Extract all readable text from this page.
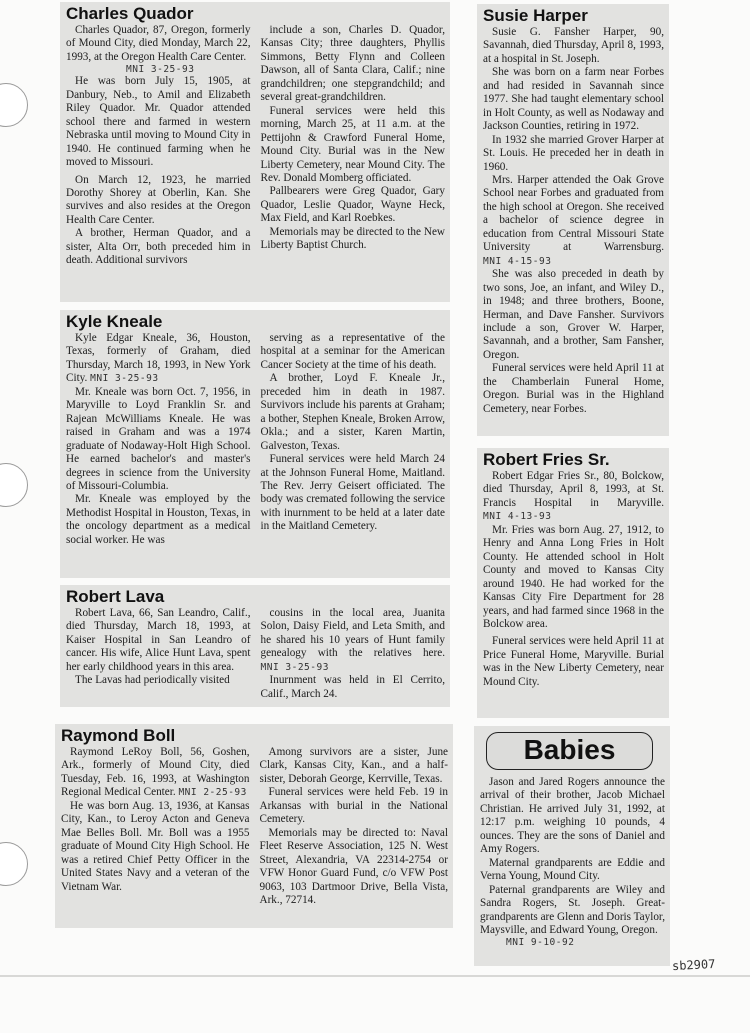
Charles Quador

Charles Quador, 87, Oregon, formerly of Mound City, died Monday, March 22, 1993, at the Oregon Health Care Center.

MNI 3-25-93

He was born July 15, 1905, at Danbury, Neb., to Amil and Elizabeth Riley Quador. Mr. Quador attended school there and farmed in western Nebraska until moving to Mound City in 1940. He continued farming when he moved to Missouri.

On March 12, 1923, he married Dorothy Shorey at Oberlin, Kan. She survives and also resides at the Oregon Health Care Center.

A brother, Herman Quador, and a sister, Alta Orr, both preceded him in death. Additional survivors

include a son, Charles D. Quador, Kansas City; three daughters, Phyllis Simmons, Betty Flynn and Colleen Dawson, all of Santa Clara, Calif.; nine grandchildren; one stepgrandchild; and several great-grandchildren.

Funeral services were held this morning, March 25, at 11 a.m. at the Pettijohn & Crawford Funeral Home, Mound City. Burial was in the New Liberty Cemetery, near Mound City. The Rev. Donald Momberg officiated.

Pallbearers were Greg Quador, Gary Quador, Leslie Quador, Wayne Heck, Max Field, and Karl Roebkes.

Memorials may be directed to the New Liberty Baptist Church.

Kyle Kneale

Kyle Edgar Kneale, 36, Houston, Texas, formerly of Graham, died Thursday, March 18, 1993, in New York City. MNI 3-25-93

Mr. Kneale was born Oct. 7, 1956, in Maryville to Loyd Franklin Sr. and Rajean McWilliams Kneale. He was raised in Graham and was a 1974 graduate of Nodaway-Holt High School. He earned bachelor's and master's degrees in science from the University of Missouri-Columbia.

Mr. Kneale was employed by the Methodist Hospital in Houston, Texas, in the oncology department as a medical social worker. He was

serving as a representative of the hospital at a seminar for the American Cancer Society at the time of his death.

A brother, Loyd F. Kneale Jr., preceded him in death in 1987. Survivors include his parents at Graham; a bother, Stephen Kneale, Broken Arrow, Okla.; and a sister, Karen Martin, Galveston, Texas.

Funeral services were held March 24 at the Johnson Funeral Home, Maitland. The Rev. Jerry Geisert officiated. The body was cremated following the service with inurnment to be held at a later date in the Maitland Cemetery.

Robert Lava

Robert Lava, 66, San Leandro, Calif., died Thursday, March 18, 1993, at Kaiser Hospital in San Leandro of cancer. His wife, Alice Hunt Lava, spent her early childhood years in this area.

The Lavas had periodically visited

cousins in the local area, Juanita Solon, Daisy Field, and Leta Smith, and he shared his 10 years of Hunt family genealogy with the relatives here. MNI 3-25-93

Inurnment was held in El Cerrito, Calif., March 24.

Raymond Boll

Raymond LeRoy Boll, 56, Goshen, Ark., formerly of Mound City, died Tuesday, Feb. 16, 1993, at Washington Regional Medical Center. MNI 2-25-93

He was born Aug. 13, 1936, at Kansas City, Kan., to Leroy Acton and Geneva Mae Belles Boll. Mr. Boll was a 1955 graduate of Mound City High School. He was a retired Chief Petty Officer in the United States Navy and a veteran of the Vietnam War.

Among survivors are a sister, June Clark, Kansas City, Kan., and a half-sister, Deborah George, Kerrville, Texas.

Funeral services were held Feb. 19 in Arkansas with burial in the National Cemetery.

Memorials may be directed to: Naval Fleet Reserve Association, 125 N. West Street, Alexandria, VA 22314-2754 or VFW Honor Guard Fund, c/o VFW Post 9063, 103 Dartmoor Drive, Bella Vista, Ark., 72714.

Susie Harper

Susie G. Fansher Harper, 90, Savannah, died Thursday, April 8, 1993, at a hospital in St. Joseph.

She was born on a farm near Forbes and had resided in Savannah since 1977. She had taught elementary school in Holt County, as well as Nodaway and Jackson Counties, retiring in 1972.

In 1932 she married Grover Harper at St. Louis. He preceded her in death in 1960.

Mrs. Harper attended the Oak Grove School near Forbes and graduated from the high school at Oregon. She received a bachelor of science degree in education from Central Missouri State University at Warrensburg. MNI 4-15-93

She was also preceded in death by two sons, Joe, an infant, and Wiley D., in 1948; and three brothers, Boone, Herman, and Dave Fansher. Survivors include a son, Grover W. Harper, Savannah, and a brother, Sam Fansher, Oregon.

Funeral services were held April 11 at the Chamberlain Funeral Home, Oregon. Burial was in the Highland Cemetery, near Forbes.

Robert Fries Sr.

Robert Edgar Fries Sr., 80, Bolckow, died Thursday, April 8, 1993, at St. Francis Hospital in Maryville. MNI 4-13-93

Mr. Fries was born Aug. 27, 1912, to Henry and Anna Long Fries in Holt County. He attended school in Holt County and moved to Kansas City around 1940. He had worked for the Kansas City Fire Department for 28 years, and had farmed since 1968 in the Bolckow area.

Funeral services were held April 11 at Price Funeral Home, Maryville. Burial was in the New Liberty Cemetery, near Mound City.

Babies

Jason and Jared Rogers announce the arrival of their brother, Jacob Michael Christian. He arrived July 31, 1992, at 12:17 p.m. weighing 10 pounds, 4 ounces. They are the sons of Daniel and Amy Rogers.

Maternal grandparents are Eddie and Verna Young, Mound City.

Paternal grandparents are Wiley and Sandra Rogers, St. Joseph. Great-grandparents are Glenn and Doris Taylor, Maysville, and Edward Young, Oregon.

MNI 9-10-92
sb2907
